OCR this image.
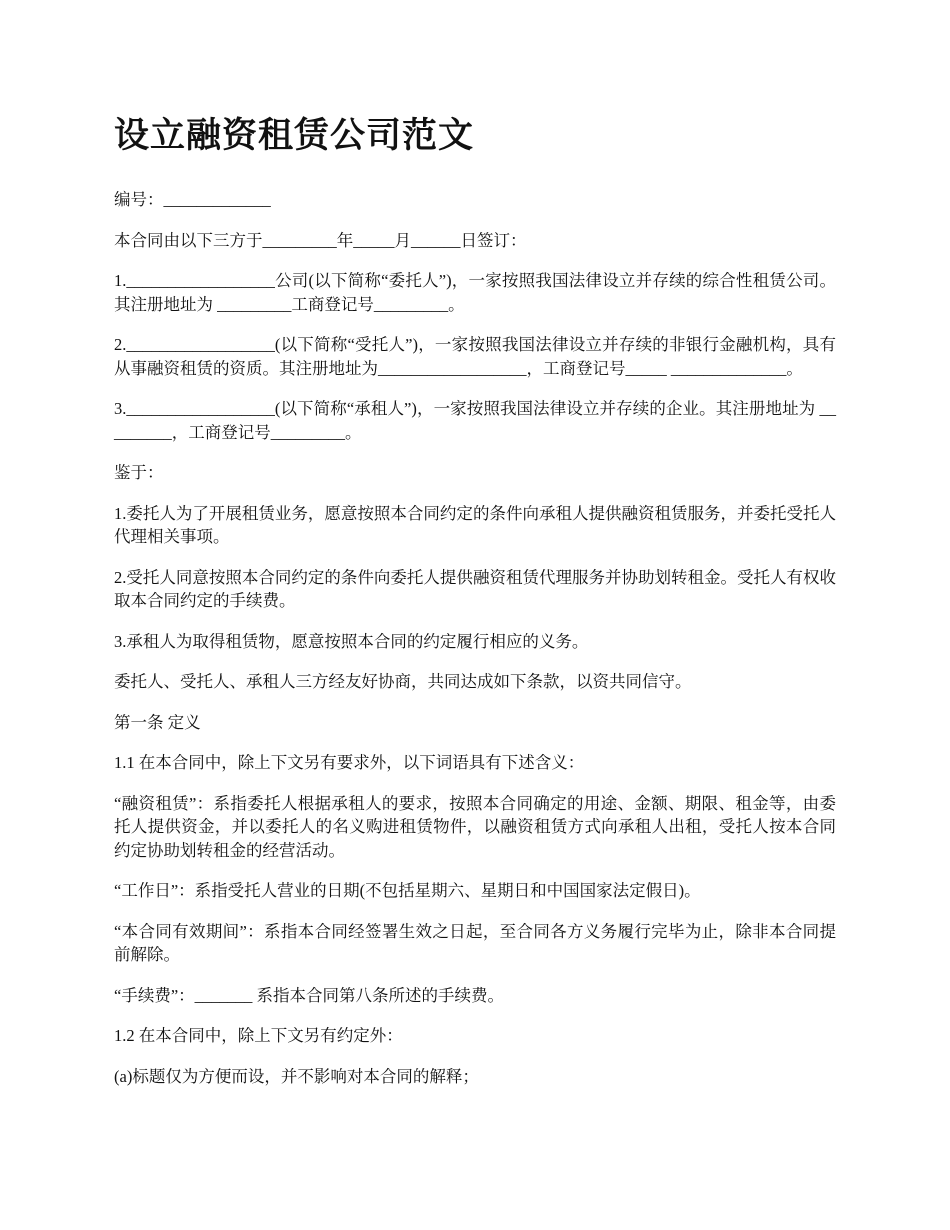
设立融资租赁公司范文

编号：_____________

本合同由以下三方于_________年_____月______日签订：

1.__________________公司(以下简称“委托人”)，一家按照我国法律设立并存续的综合性租赁公司。其注册地址为 _________工商登记号_________。

2.__________________(以下简称“受托人”)，一家按照我国法律设立并存续的非银行金融机构，具有从事融资租赁的资质。其注册地址为__________________，工商登记号_____ ______________。

3.__________________(以下简称“承租人”)，一家按照我国法律设立并存续的企业。其注册地址为 _________，工商登记号_________。

鉴于：

1.委托人为了开展租赁业务，愿意按照本合同约定的条件向承租人提供融资租赁服务，并委托受托人代理相关事项。

2.受托人同意按照本合同约定的条件向委托人提供融资租赁代理服务并协助划转租金。受托人有权收取本合同约定的手续费。

3.承租人为取得租赁物，愿意按照本合同的约定履行相应的义务。

委托人、受托人、承租人三方经友好协商，共同达成如下条款，以资共同信守。

第一条 定义

1.1 在本合同中，除上下文另有要求外，以下词语具有下述含义：

“融资租赁”：系指委托人根据承租人的要求，按照本合同确定的用途、金额、期限、租金等，由委托人提供资金，并以委托人的名义购进租赁物件，以融资租赁方式向承租人出租，受托人按本合同约定协助划转租金的经营活动。

“工作日”：系指受托人营业的日期(不包括星期六、星期日和中国国家法定假日)。

“本合同有效期间”：系指本合同经签署生效之日起，至合同各方义务履行完毕为止，除非本合同提前解除。

“手续费”：_______ 系指本合同第八条所述的手续费。

1.2 在本合同中，除上下文另有约定外：

(a)标题仅为方便而设，并不影响对本合同的解释；
